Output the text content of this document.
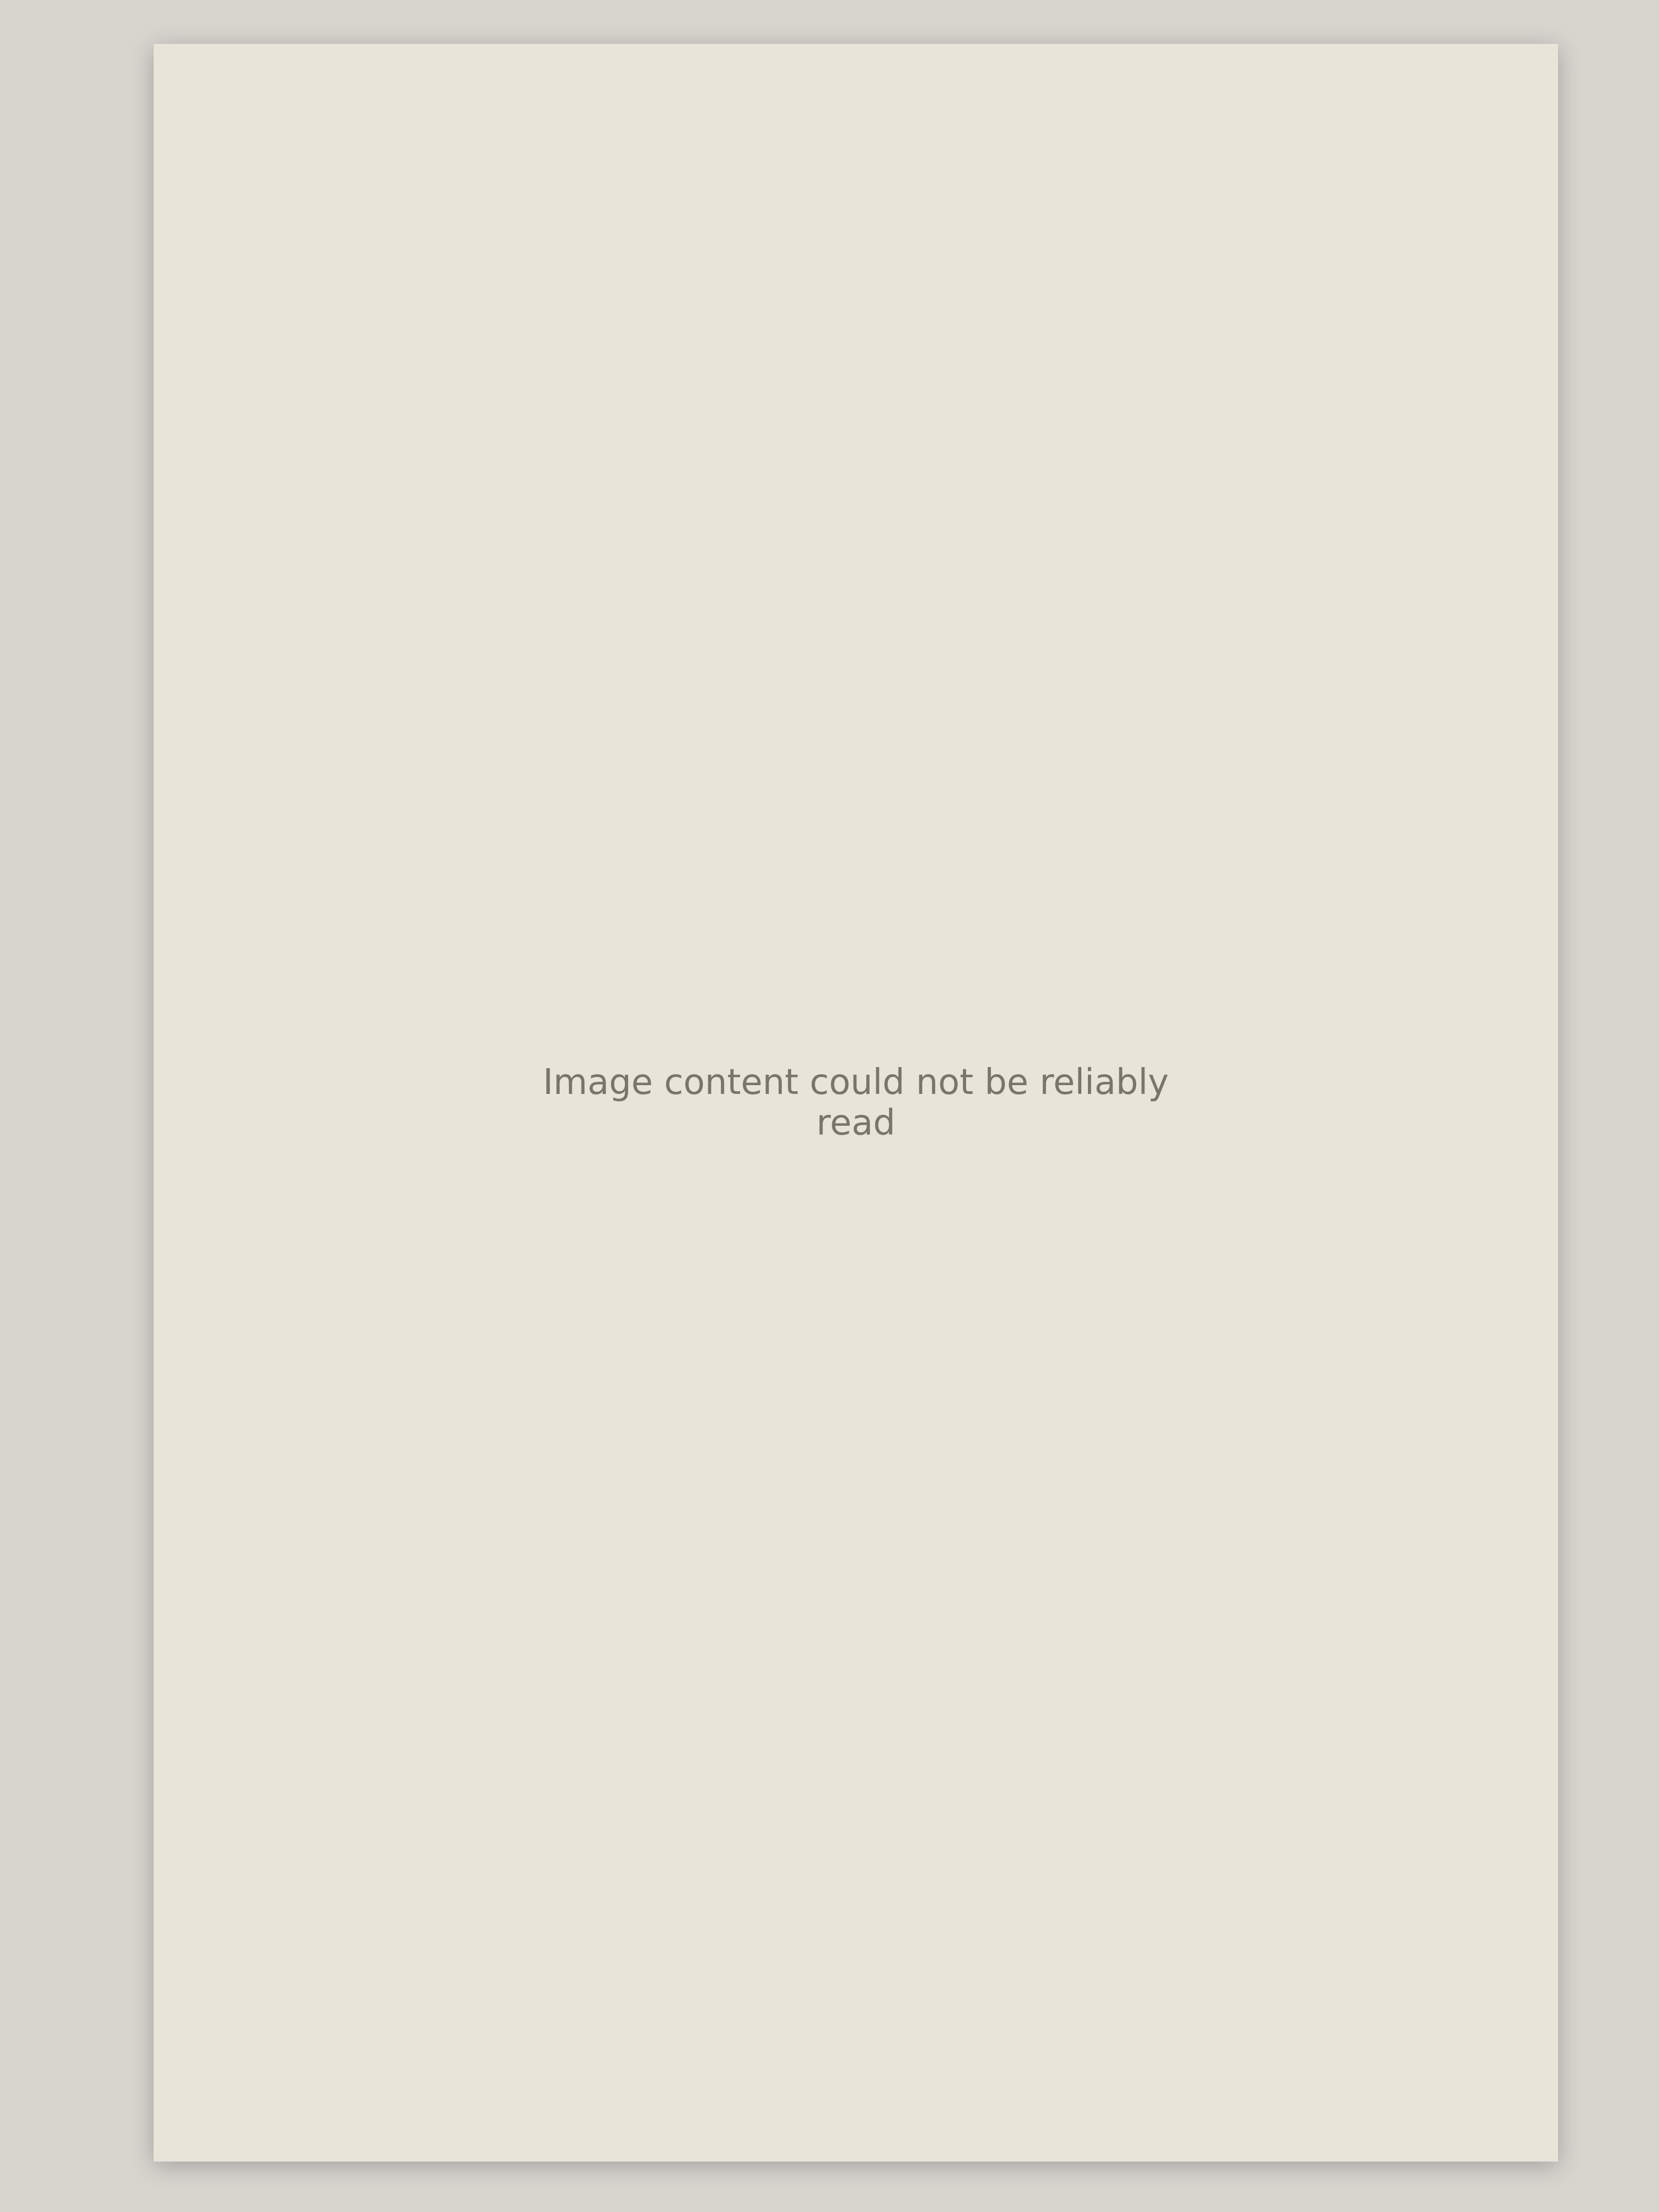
Image content could not be reliably read
